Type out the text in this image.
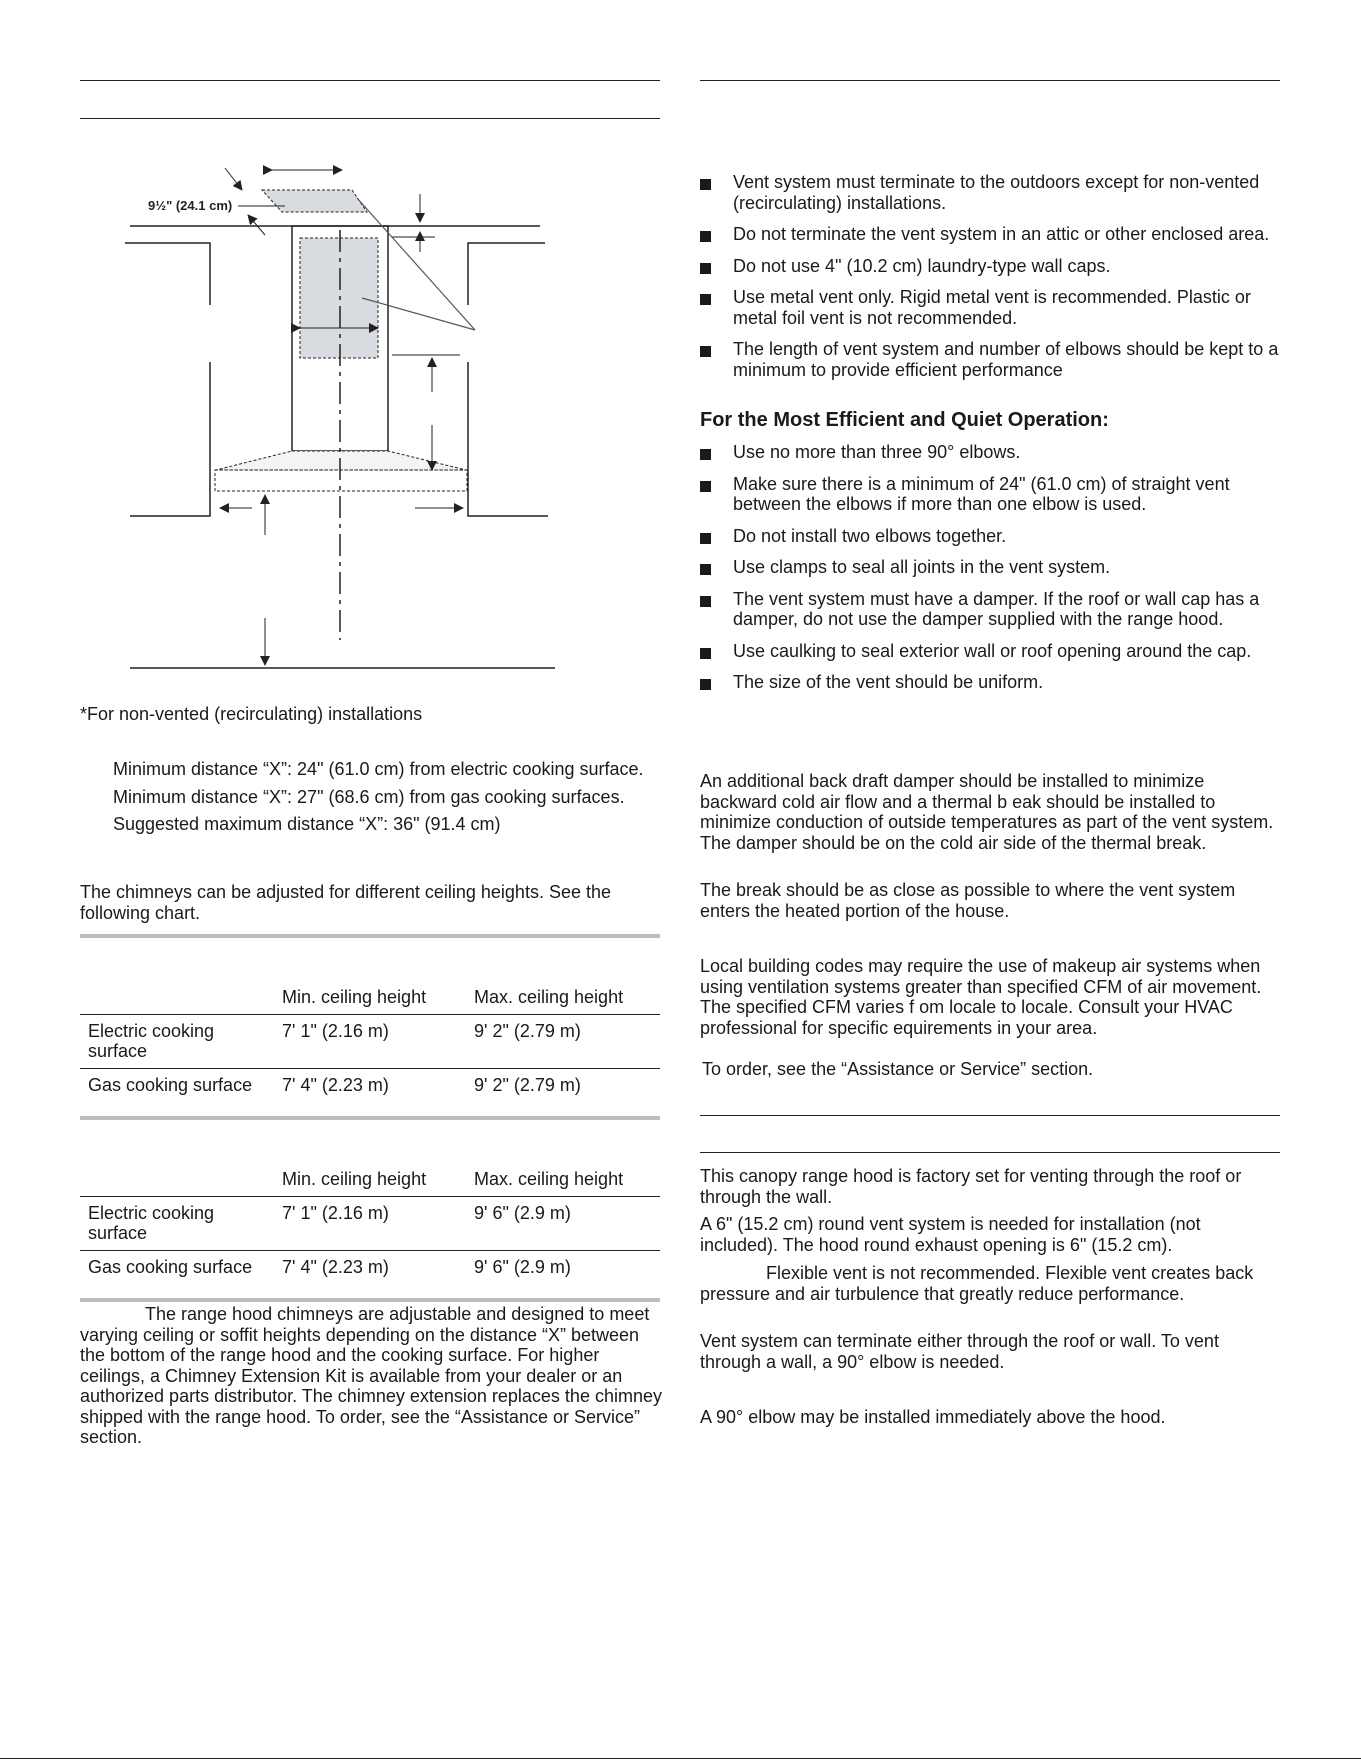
9½" (24.1 cm)

*For non-vented (recirculating) installations

Minimum distance “X”: 24" (61.0 cm) from electric cooking surface.

Minimum distance “X”: 27" (68.6 cm) from gas cooking surfaces.

Suggested maximum distance “X”: 36" (91.4 cm)

The chimneys can be adjusted for different ceiling heights. See the following chart.

	Min. ceiling height	Max. ceiling height
Electric cooking surface	7' 1" (2.16 m)	9' 2" (2.79 m)
Gas cooking surface	7' 4" (2.23 m)	9' 2" (2.79 m)
	Min. ceiling height	Max. ceiling height
Electric cooking surface	7' 1" (2.16 m)	9' 6" (2.9 m)
Gas cooking surface	7' 4" (2.23 m)	9' 6" (2.9 m)

The range hood chimneys are adjustable and designed to meet varying ceiling or soffit heights depending on the distance “X” between the bottom of the range hood and the cooking surface. For higher ceilings, a Chimney Extension Kit is available from your dealer or an authorized parts distributor. The chimney extension replaces the chimney shipped with the range hood. To order, see the “Assistance or Service” section.

Vent system must terminate to the outdoors except for non-vented (recirculating) installations.
Do not terminate the vent system in an attic or other enclosed area.
Do not use 4" (10.2 cm) laundry-type wall caps.
Use metal vent only. Rigid metal vent is recommended. Plastic or metal foil vent is not recommended.
The length of vent system and number of elbows should be kept to a minimum to provide efficient performance

For the Most Efficient and Quiet Operation:

Use no more than three 90° elbows.
Make sure there is a minimum of 24" (61.0 cm) of straight vent between the elbows if more than one elbow is used.
Do not install two elbows together.
Use clamps to seal all joints in the vent system.
The vent system must have a damper. If the roof or wall cap has a damper, do not use the damper supplied with the range hood.
Use caulking to seal exterior wall or roof opening around the cap.
The size of the vent should be uniform.

An additional back draft damper should be installed to minimize backward cold air flow and a thermal b eak should be installed to minimize conduction of outside temperatures as part of the vent system. The damper should be on the cold air side of the thermal break.

The break should be as close as possible to where the vent system enters the heated portion of the house.

Local building codes may require the use of makeup air systems when using ventilation systems greater than specified CFM of air movement. The specified CFM varies f om locale to locale. Consult your HVAC professional for specific equirements in your area.

To order, see the “Assistance or Service” section.

This canopy range hood is factory set for venting through the roof or through the wall.

A 6" (15.2 cm) round vent system is needed for installation (not included). The hood round exhaust opening is 6" (15.2 cm).

Flexible vent is not recommended. Flexible vent creates back pressure and air turbulence that greatly reduce performance.

Vent system can terminate either through the roof or wall. To vent through a wall, a 90° elbow is needed.

A 90° elbow may be installed immediately above the hood.
